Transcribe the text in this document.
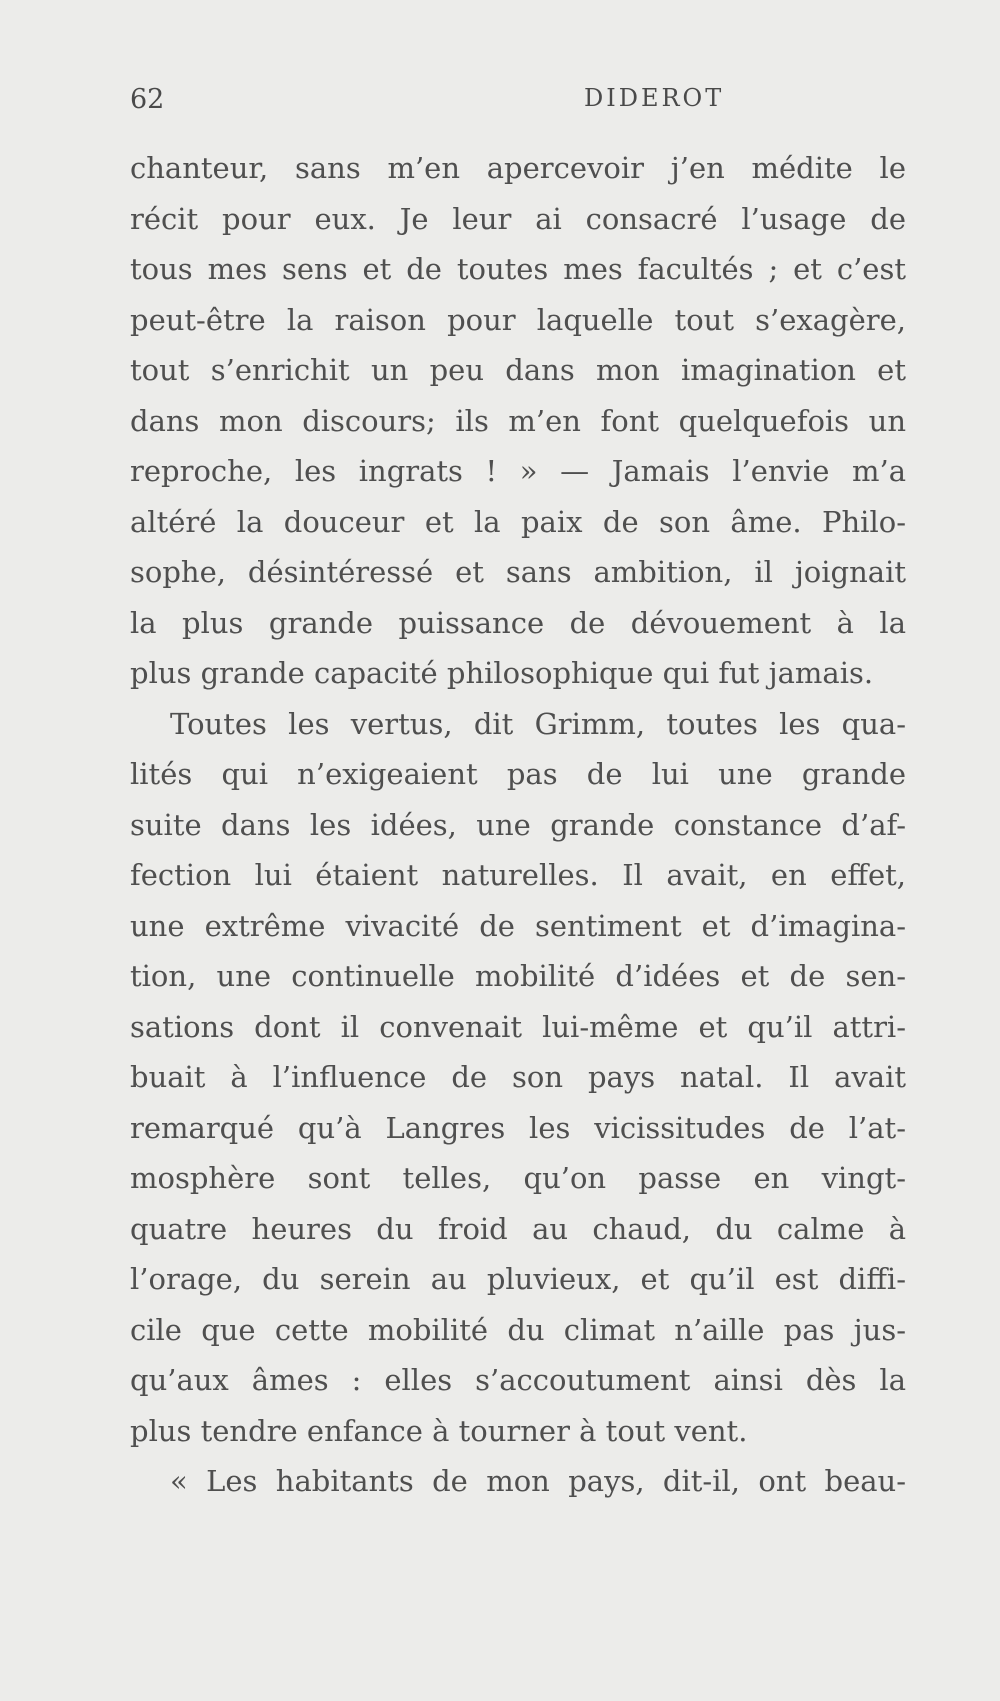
62	DIDEROT
chanteur, sans m’en apercevoir j’en médite le
récit pour eux. Je leur ai consacré l’usage de
tous mes sens et de toutes mes facultés ; et c’est
peut-être la raison pour laquelle tout s’exagère,
tout s’enrichit un peu dans mon imagination et
dans mon discours; ils m’en font quelquefois un
reproche, les ingrats ! » — Jamais l’envie m’a
altéré la douceur et la paix de son âme. Philo-
sophe, désintéressé et sans ambition, il joignait
la plus grande puissance de dévouement à la
plus grande capacité philosophique qui fut jamais.
Toutes les vertus, dit Grimm, toutes les qua-
lités qui n’exigeaient pas de lui une grande
suite dans les idées, une grande constance d’af-
fection lui étaient naturelles. Il avait, en effet,
une extrême vivacité de sentiment et d’imagina-
tion, une continuelle mobilité d’idées et de sen-
sations dont il convenait lui-même et qu’il attri-
buait à l’influence de son pays natal. Il avait
remarqué qu’à Langres les vicissitudes de l’at-
mosphère sont telles, qu’on passe en vingt-
quatre heures du froid au chaud, du calme à
l’orage, du serein au pluvieux, et qu’il est diffi-
cile que cette mobilité du climat n’aille pas jus-
qu’aux âmes : elles s’accoutument ainsi dès la
plus tendre enfance à tourner à tout vent.
« Les habitants de mon pays, dit-il, ont beau-
